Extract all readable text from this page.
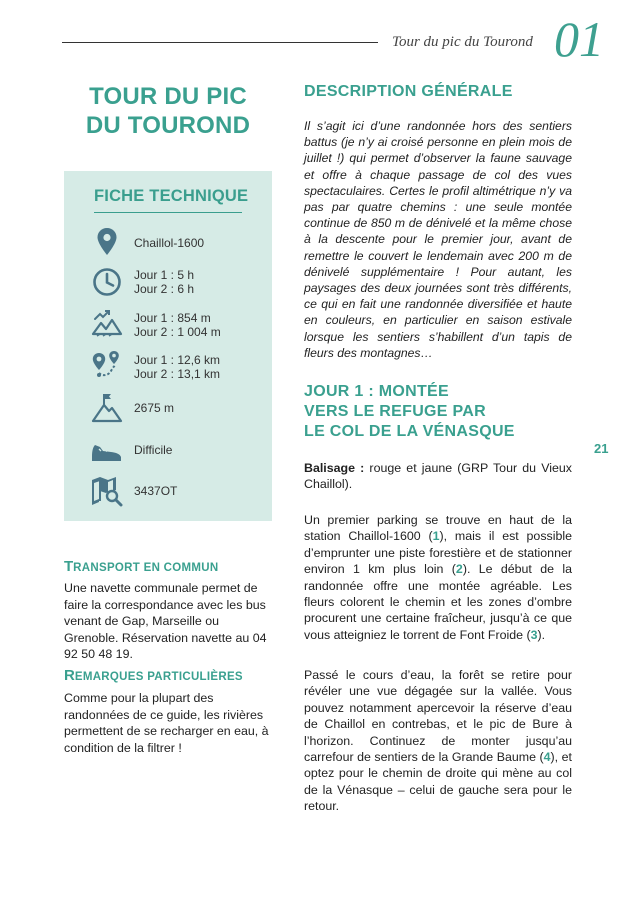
Tour du pic du Tourond 01
TOUR DU PIC
DU TOUROND
FICHE TECHNIQUE
Chaillol-1600
Jour 1 : 5 h
Jour 2 : 6 h
Jour 1 : 854 m
Jour 2 : 1 004 m
Jour 1 : 12,6 km
Jour 2 : 13,1 km
2675 m
Difficile
3437OT
TRANSPORT EN COMMUN
Une navette communale permet de faire la correspondance avec les bus venant de Gap, Marseille ou Grenoble. Réservation navette au 04 92 50 48 19.
REMARQUES PARTICULIÈRES
Comme pour la plupart des randonnées de ce guide, les rivières permettent de se recharger en eau, à condition de la filtrer !
DESCRIPTION GÉNÉRALE
Il s’agit ici d’une randonnée hors des sentiers battus (je n’y ai croisé personne en plein mois de juillet !) qui permet d’observer la faune sauvage et offre à chaque passage de col des vues spectaculaires. Certes le profil altimétrique n’y va pas par quatre chemins : une seule montée continue de 850 m de dénivelé et la même chose à la descente pour le premier jour, avant de remettre le couvert le lendemain avec 200 m de dénivelé supplémentaire ! Pour autant, les paysages des deux journées sont très différents, ce qui en fait une randonnée diversifiée et haute en couleurs, en particulier en saison estivale lorsque les sentiers s’habillent d’un tapis de fleurs des montagnes…
JOUR 1 : MONTÉE
VERS LE REFUGE PAR
LE COL DE LA VÉNASQUE
Balisage : rouge et jaune (GRP Tour du Vieux Chaillol).
Un premier parking se trouve en haut de la station Chaillol-1600 (1), mais il est possible d’emprunter une piste forestière et de stationner environ 1 km plus loin (2). Le début de la randonnée offre une montée agréable. Les fleurs colorent le chemin et les zones d’ombre procurent une certaine fraîcheur, jusqu’à ce que vous atteigniez le torrent de Font Froide (3).
Passé le cours d’eau, la forêt se retire pour révéler une vue dégagée sur la vallée. Vous pouvez notamment apercevoir la réserve d’eau de Chaillol en contrebas, et le pic de Bure à l’horizon. Continuez de monter jusqu’au carrefour de sentiers de la Grande Baume (4), et optez pour le chemin de droite qui mène au col de la Vénasque – celui de gauche sera pour le retour.
21
